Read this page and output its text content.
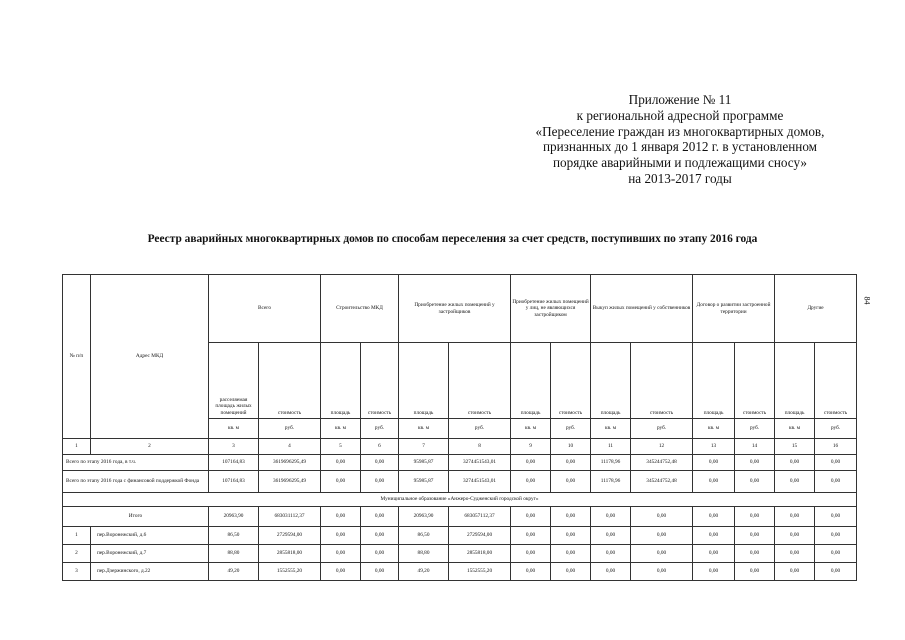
Приложение № 11
к региональной адресной программе
«Переселение граждан из многоквартирных домов,
признанных до 1 января 2012 г. в установленном
порядке аварийными и подлежащими сносу»
на 2013-2017 годы
Реестр аварийных многоквартирных домов по способам переселения за счет средств, поступивших по этапу 2016 года
84
№ п/п	Адрес МКД	Всего		Строительство МКД		Приобретение жилых помещений у застройщиков		Приобретение жилых помещений у лиц, не являющихся застройщиком		Выкуп жилых помещений у собственников		Договор о развитии застроенной территории		Другие	
		расселяемая площадь жилых помещений	стоимость	площадь	стоимость	площадь	стоимость	площадь	стоимость	площадь	стоимость	площадь	стоимость	площадь	стоимость
		кв. м	руб.	кв. м	руб.	кв. м	руб.	кв. м	руб.	кв. м	руб.	кв. м	руб.	кв. м	руб.
1	2	3	4	5	6	7	8	9	10	11	12	13	14	15	16
Всего по этапу 2016 года, в т.ч.		107164,83	3619696295,49	0,00	0,00	95985,87	3274451543,01	0,00	0,00	11178,96	345244752,48	0,00	0,00	0,00	0,00
Всего по этапу 2016 года с финансовой поддержкой Фонда		107164,83	3619696295,49	0,00	0,00	95985,87	3274451543,01	0,00	0,00	11178,96	345244752,48	0,00	0,00	0,00	0,00
Муниципальное образование «Анжеро-Судженский городской округ»															
Итого		20963,90	683031112,37	0,00	0,00	20963,90	683057112,37	0,00	0,00	0,00	0,00	0,00	0,00	0,00	0,00
1	пер.Воронежский, д.6	86,50	2729594,00	0,00	0,00	86,50	2729594,00	0,00	0,00	0,00	0,00	0,00	0,00	0,00	0,00
2	пер.Воронежский, д.7	88,80	2855818,00	0,00	0,00	88,80	2855818,00	0,00	0,00	0,00	0,00	0,00	0,00	0,00	0,00
3	пер.Дзержинского, д.22	49,20	1552555,20	0,00	0,00	49,20	1552555,20	0,00	0,00	0,00	0,00	0,00	0,00	0,00	0,00
